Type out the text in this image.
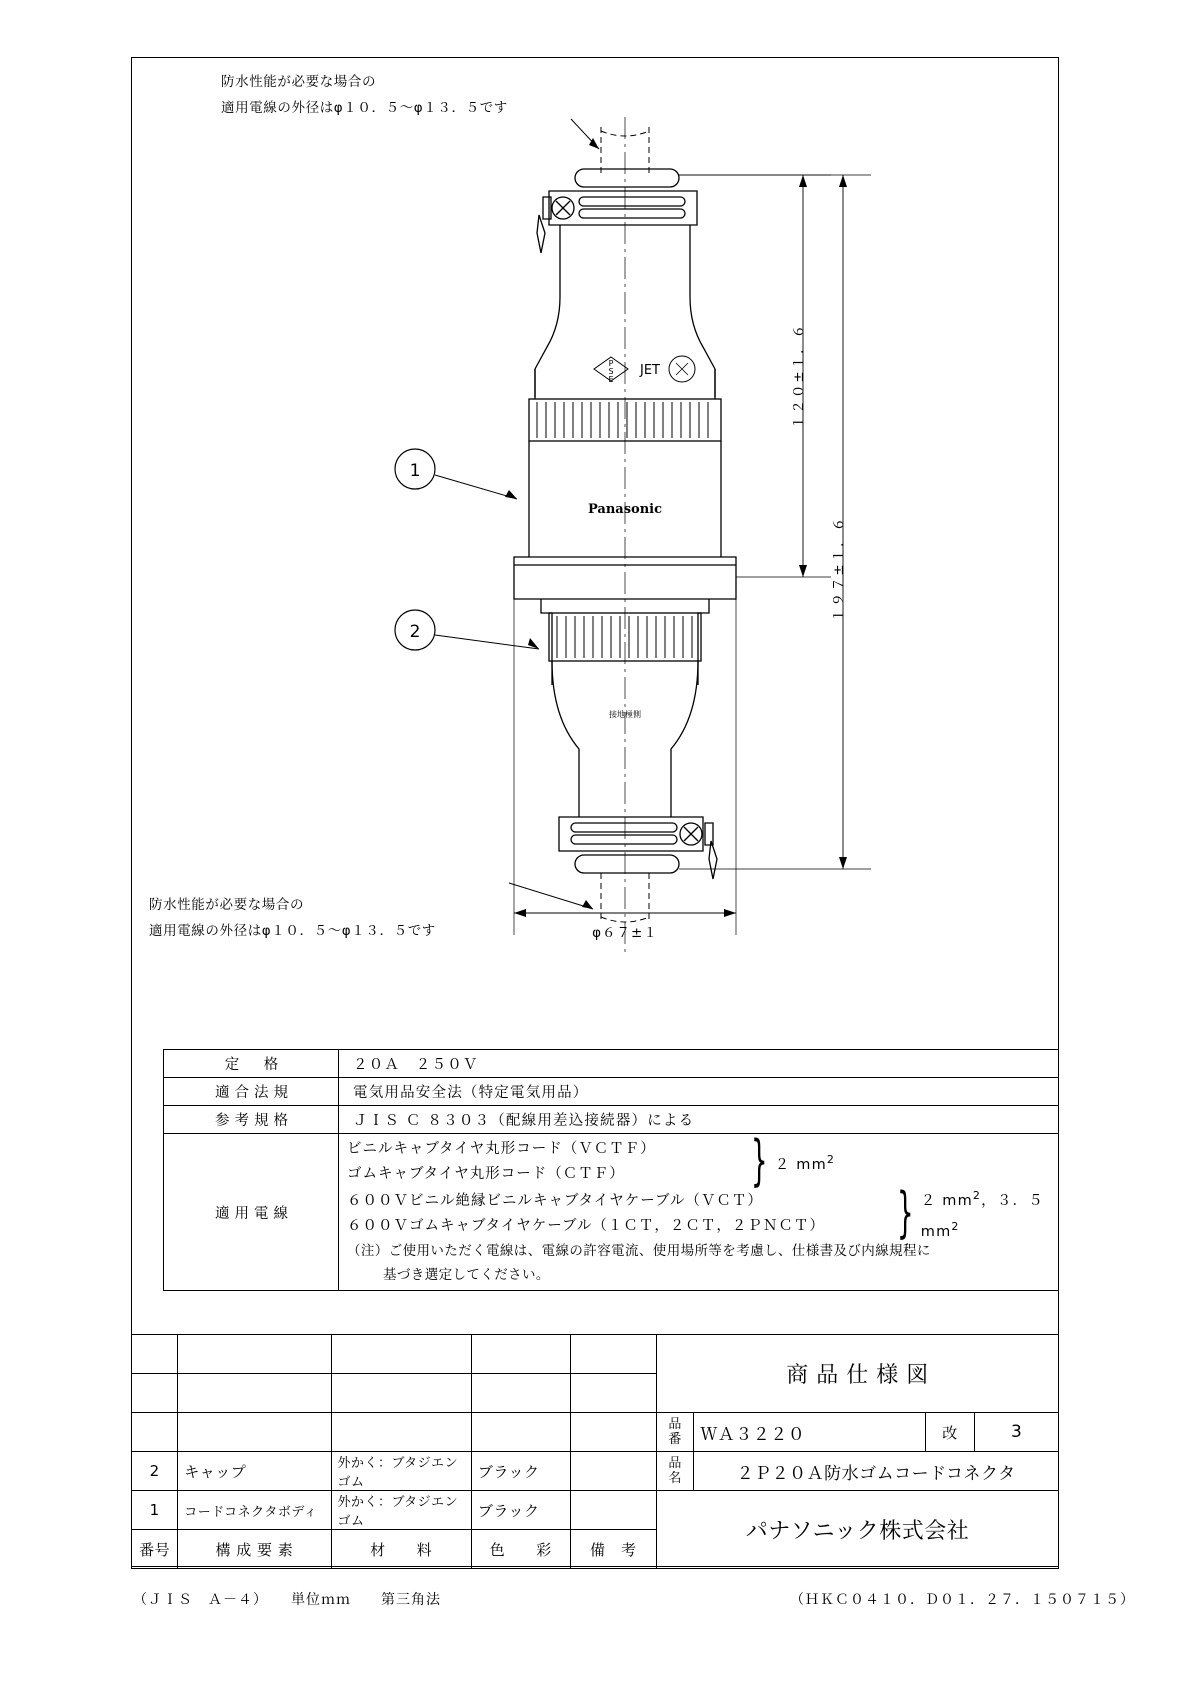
防水性能が必要な場合の
適用電線の外径はφ１０．５～φ１３．５です
防水性能が必要な場合の
適用電線の外径はφ１０．５～φ１３．５です
1
2
P
S
E
JET
Panasonic
接地極側
１２０±１．６
１９７±１．６
φ６７±１
定　格	２０Ａ　２５０Ｖ
適合法規	電気用品安全法（特定電気用品）
参考規格	ＪＩＳ Ｃ ８３０３（配線用差込接続器）による
適用電線	
ビニルキャブタイヤ丸形コード（ＶＣＴＦ）
ゴムキャブタイヤ丸形コード（ＣＴＦ）	} ２ $mm^2$
６００Ｖビニル絶縁ビニルキャブタイヤケーブル（ＶＣＴ）
６００Ｖゴムキャブタイヤケーブル（１ＣＴ，２ＣＴ，２ＰＮＣＴ）	} ２ $mm^2$，３．５ $mm^2$
（注）ご使用いただく電線は、電線の許容電流、使用場所等を考慮し、仕様書及び内線規程に
基づき選定してください。
					商 品 仕 様 図			

					品番	ＷＡ３２２０	改	3
2	キャップ	外かく：ブタジエンゴム	ブラック		品名	２Ｐ２０Ａ防水ゴムコードコネクタ		
1	コードコネクタボディ	外かく：ブタジエンゴム	ブラック		パナソニック株式会社			
番号	構 成 要 素	材　　料	色　　彩	備　考				
（ＪＩＳ　Ａ－４）　　単位ｍｍ　　第三角法	（ＨＫＣ０４１０．Ｄ０１．２７．１５０７１５）
